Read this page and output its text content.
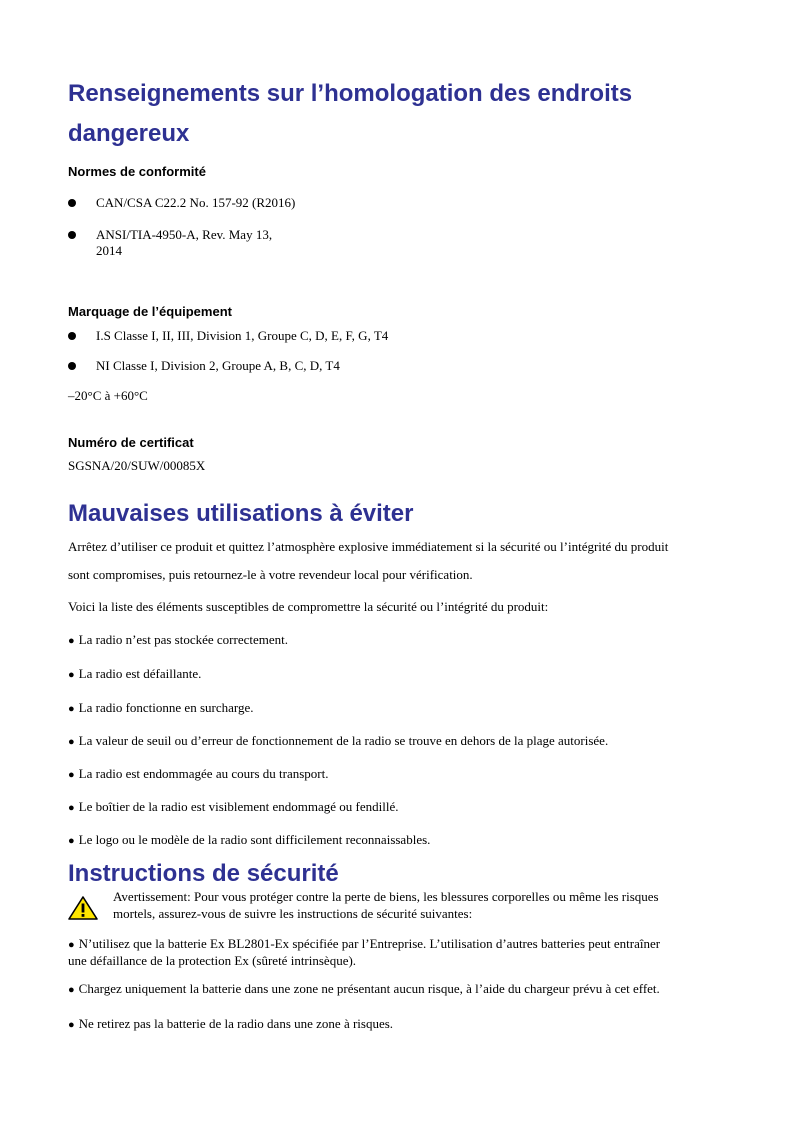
Renseignements sur l’homologation des endroits
dangereux
Normes de conformité
CAN/CSA C22.2 No. 157-92 (R2016)
ANSI/TIA-4950-A, Rev. May 13,
2014
Marquage de l’équipement
I.S Classe I, II, III, Division 1, Groupe C, D, E, F, G, T4
NI Classe I, Division 2, Groupe A, B, C, D, T4
–20°C à +60°C
Numéro de certificat
SGSNA/20/SUW/00085X
Mauvaises utilisations à éviter
Arrêtez d’utiliser ce produit et quittez l’atmosphère explosive immédiatement si la sécurité ou l’intégrité du produit
sont compromises, puis retournez-le à votre revendeur local pour vérification.
Voici la liste des éléments susceptibles de compromettre la sécurité ou l’intégrité du produit:
● La radio n’est pas stockée correctement.
● La radio est défaillante.
● La radio fonctionne en surcharge.
● La valeur de seuil ou d’erreur de fonctionnement de la radio se trouve en dehors de la plage autorisée.
● La radio est endommagée au cours du transport.
● Le boîtier de la radio est visiblement endommagé ou fendillé.
● Le logo ou le modèle de la radio sont difficilement reconnaissables.
Instructions de sécurité
Avertissement: Pour vous protéger contre la perte de biens, les blessures corporelles ou même les risques
mortels, assurez-vous de suivre les instructions de sécurité suivantes:
● N’utilisez que la batterie Ex BL2801-Ex spécifiée par l’Entreprise. L’utilisation d’autres batteries peut entraîner
une défaillance de la protection Ex (sûreté intrinsèque).
● Chargez uniquement la batterie dans une zone ne présentant aucun risque, à l’aide du chargeur prévu à cet effet.
● Ne retirez pas la batterie de la radio dans une zone à risques.
